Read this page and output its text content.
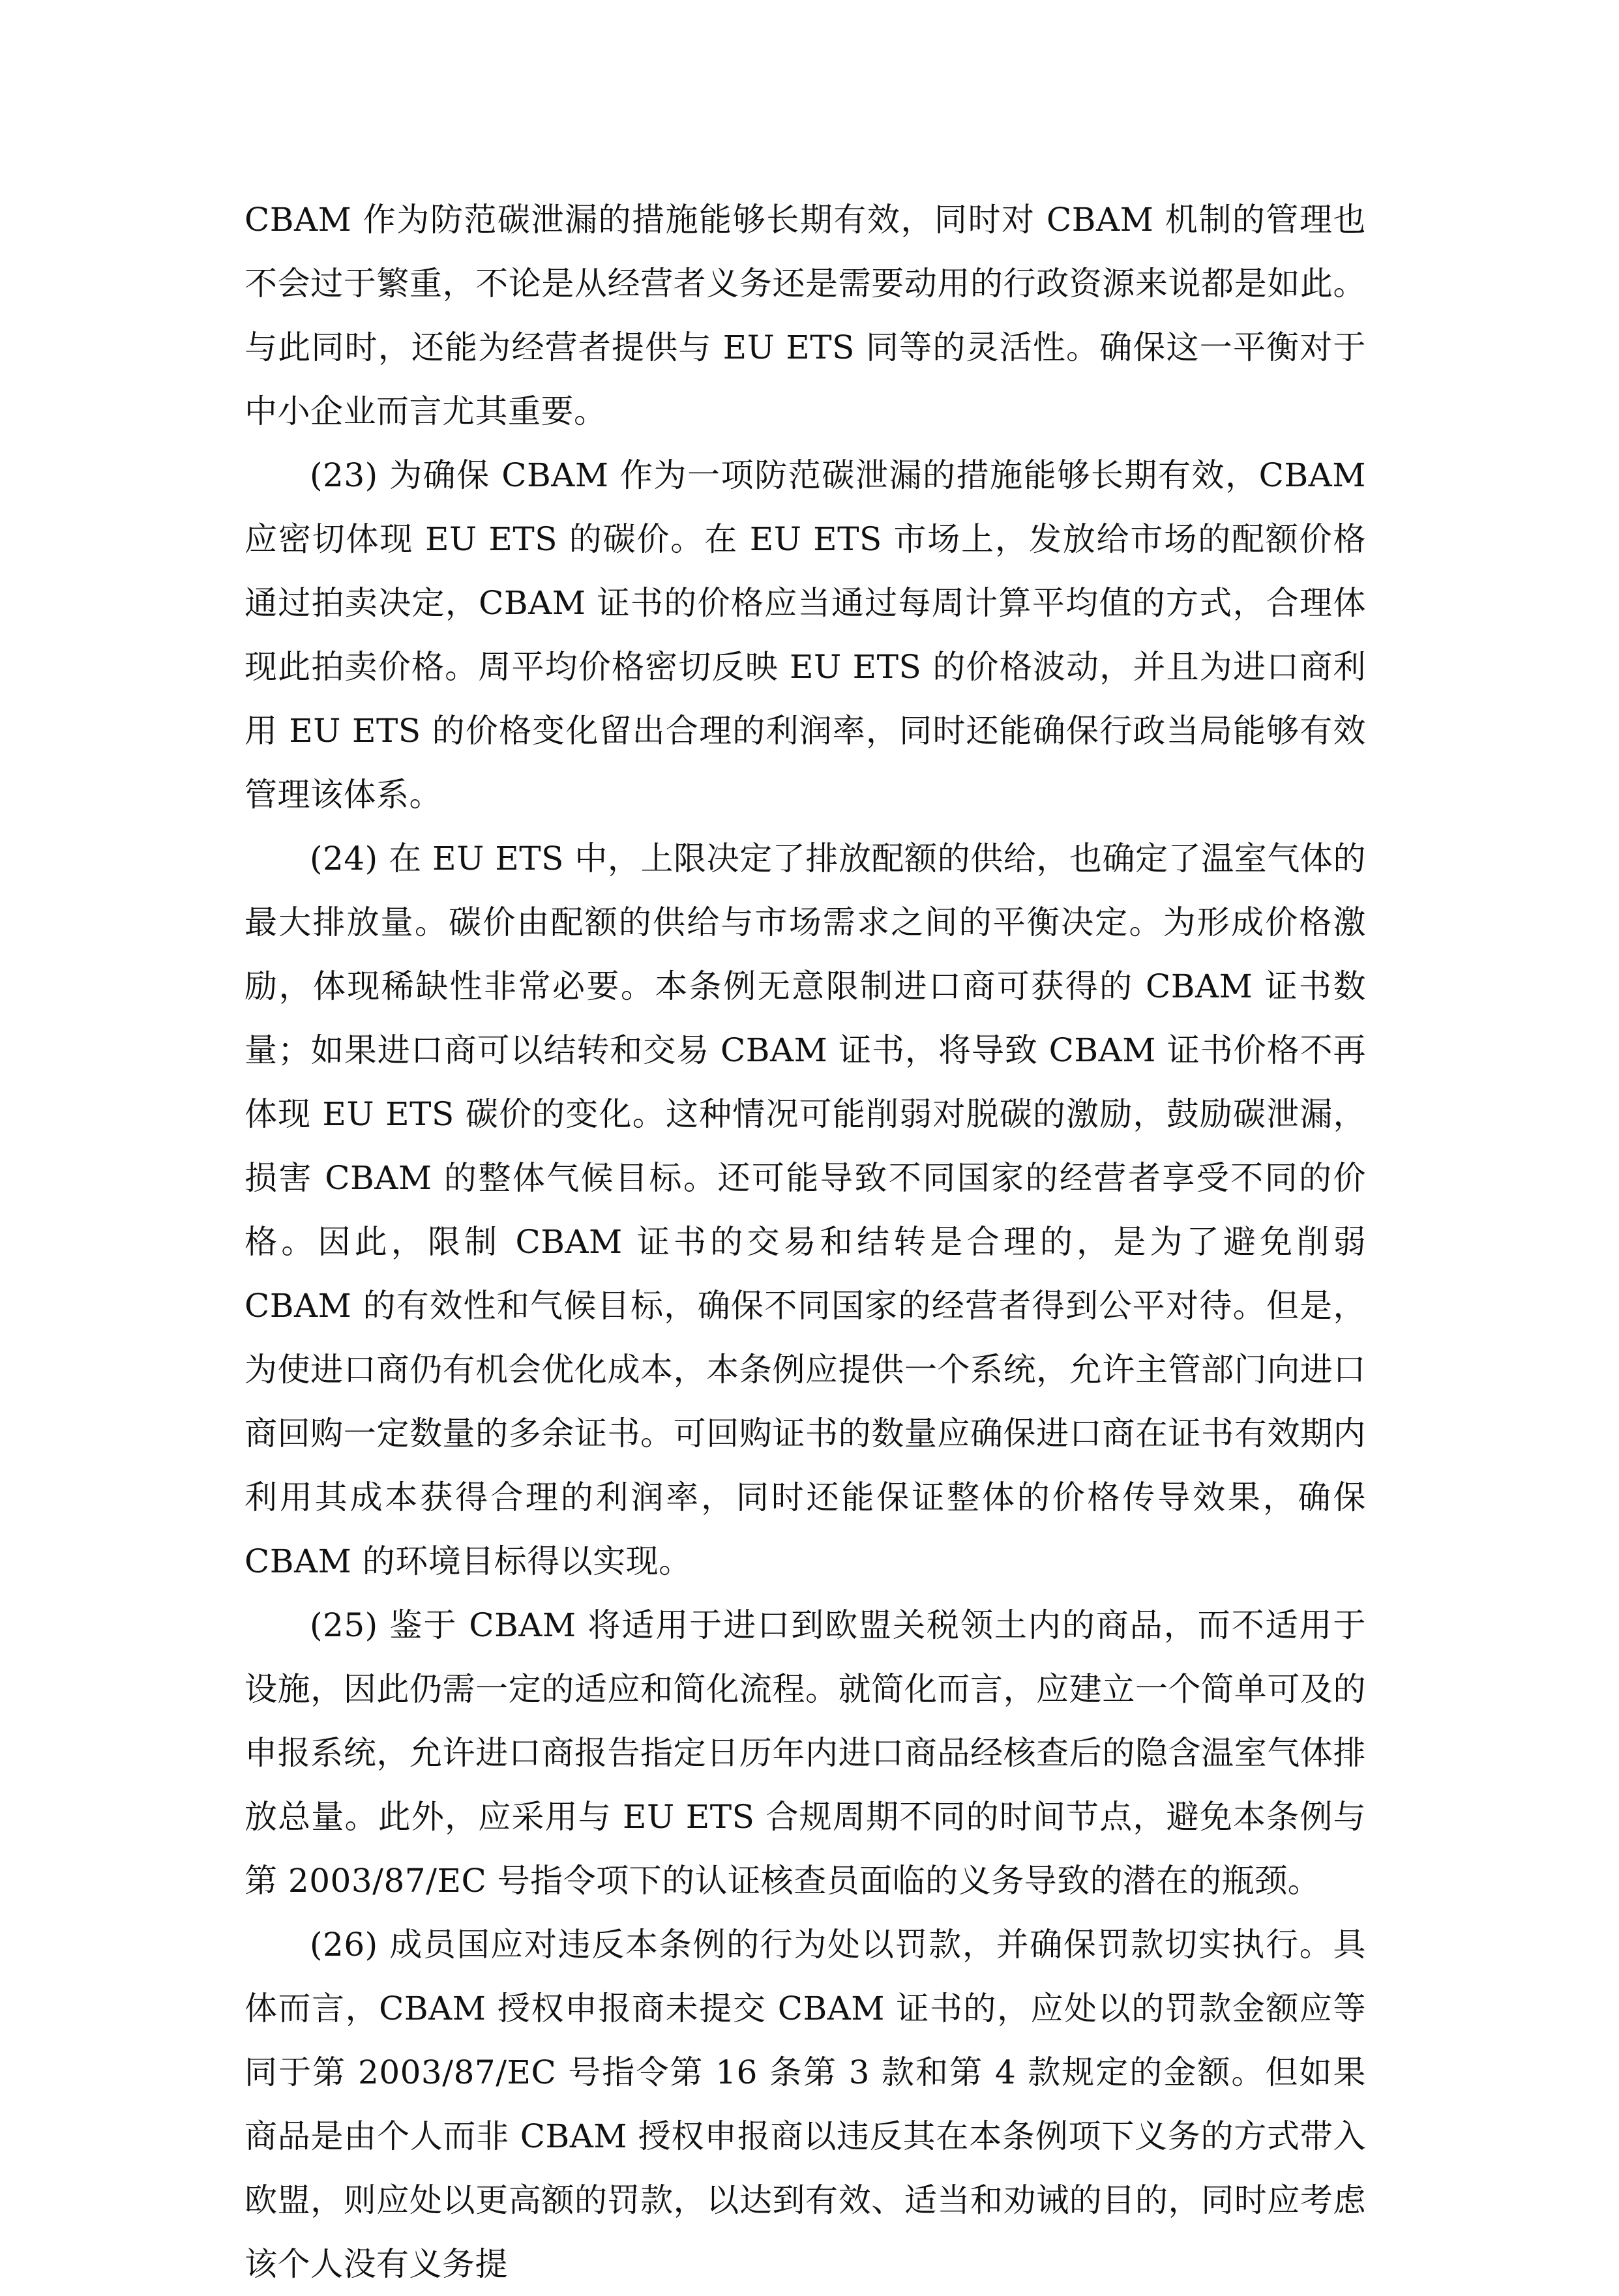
CBAM 作为防范碳泄漏的措施能够长期有效，同时对 CBAM 机制的管理也不会过于繁重，不论是从经营者义务还是需要动用的行政资源来说都是如此。与此同时，还能为经营者提供与 EU ETS 同等的灵活性。确保这一平衡对于中小企业而言尤其重要。

(23) 为确保 CBAM 作为一项防范碳泄漏的措施能够长期有效，CBAM 应密切体现 EU ETS 的碳价。在 EU ETS 市场上，发放给市场的配额价格通过拍卖决定，CBAM 证书的价格应当通过每周计算平均值的方式，合理体现此拍卖价格。周平均价格密切反映 EU ETS 的价格波动，并且为进口商利用 EU ETS 的价格变化留出合理的利润率，同时还能确保行政当局能够有效管理该体系。

(24) 在 EU ETS 中，上限决定了排放配额的供给，也确定了温室气体的最大排放量。碳价由配额的供给与市场需求之间的平衡决定。为形成价格激励，体现稀缺性非常必要。本条例无意限制进口商可获得的 CBAM 证书数量；如果进口商可以结转和交易 CBAM 证书，将导致 CBAM 证书价格不再体现 EU ETS 碳价的变化。这种情况可能削弱对脱碳的激励，鼓励碳泄漏，损害 CBAM 的整体气候目标。还可能导致不同国家的经营者享受不同的价格。因此，限制 CBAM 证书的交易和结转是合理的，是为了避免削弱 CBAM 的有效性和气候目标，确保不同国家的经营者得到公平对待。但是，为使进口商仍有机会优化成本，本条例应提供一个系统，允许主管部门向进口商回购一定数量的多余证书。可回购证书的数量应确保进口商在证书有效期内利用其成本获得合理的利润率，同时还能保证整体的价格传导效果，确保 CBAM 的环境目标得以实现。

(25) 鉴于 CBAM 将适用于进口到欧盟关税领土内的商品，而不适用于设施，因此仍需一定的适应和简化流程。就简化而言，应建立一个简单可及的申报系统，允许进口商报告指定日历年内进口商品经核查后的隐含温室气体排放总量。此外，应采用与 EU ETS 合规周期不同的时间节点，避免本条例与第 2003/87/EC 号指令项下的认证核查员面临的义务导致的潜在的瓶颈。

(26) 成员国应对违反本条例的行为处以罚款，并确保罚款切实执行。具体而言，CBAM 授权申报商未提交 CBAM 证书的，应处以的罚款金额应等同于第 2003/87/EC 号指令第 16 条第 3 款和第 4 款规定的金额。但如果商品是由个人而非 CBAM 授权申报商以违反其在本条例项下义务的方式带入欧盟，则应处以更高额的罚款，以达到有效、适当和劝诫的目的，同时应考虑该个人没有义务提
